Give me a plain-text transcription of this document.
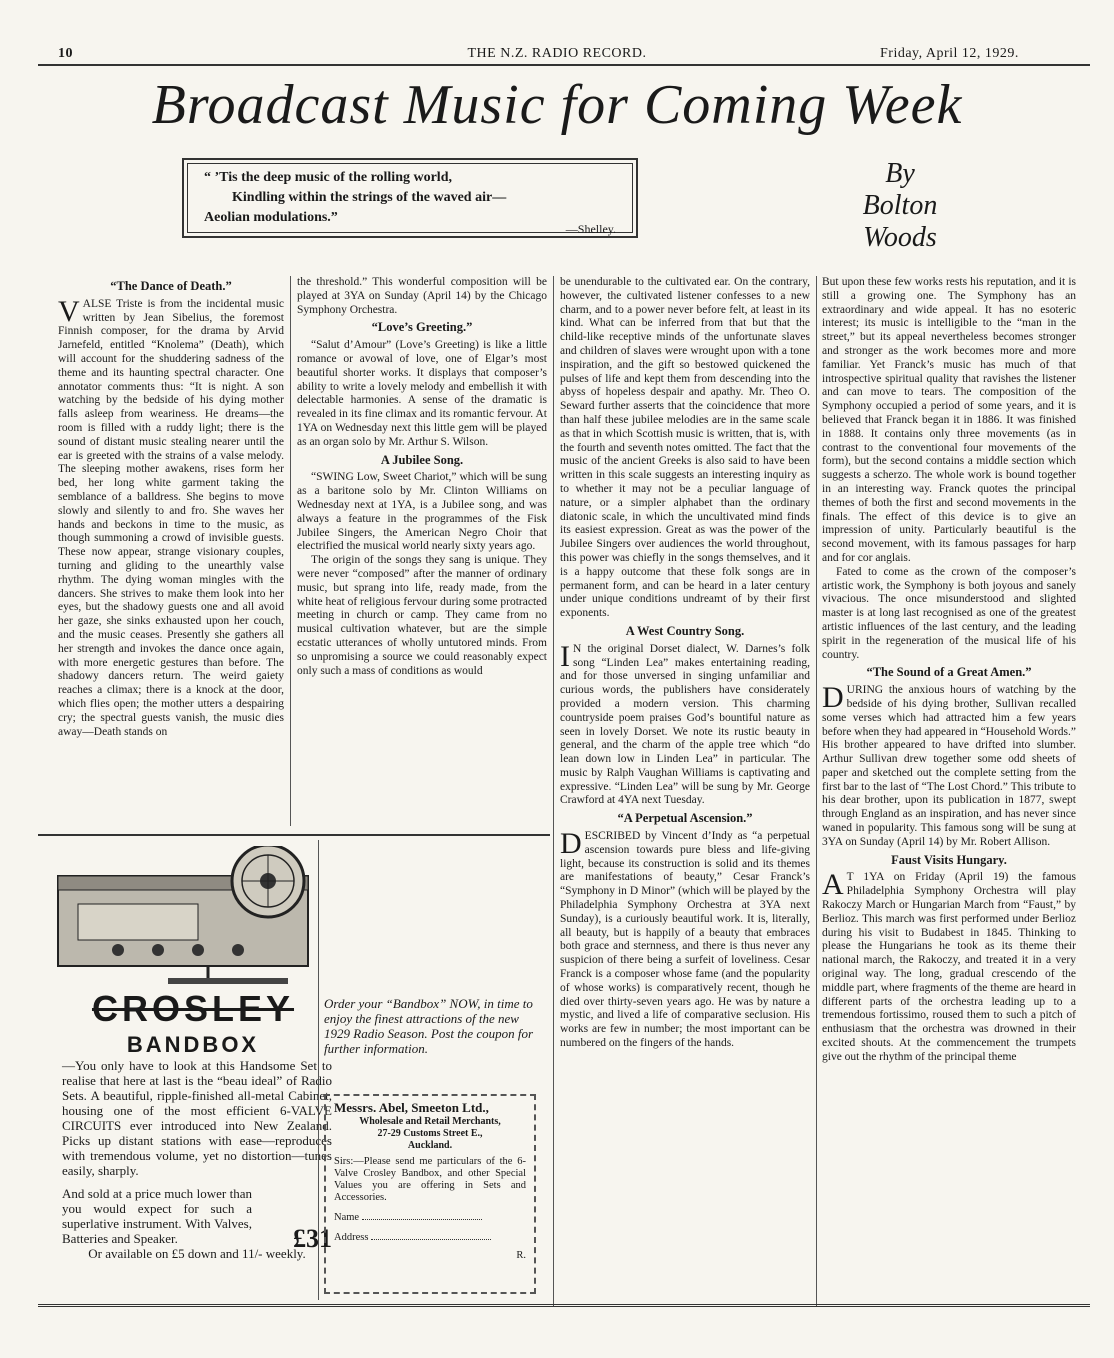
10	THE N.Z. RADIO RECORD.	Friday, April 12, 1929.
Broadcast Music for Coming Week
“ ’Tis the deep music of the rolling world,
Kindling within the strings of the waved air—
Aeolian modulations.”
—Shelley.
By
Bolton
Woods
“The Dance of Death.”

VALSE Triste is from the incidental music written by Jean Sibelius, the foremost Finnish composer, for the drama by Arvid Jarnefeld, entitled “Knolema” (Death), which will account for the shuddering sadness of the theme and its haunting spectral character. One annotator comments thus: “It is night. A son watching by the bedside of his dying mother falls asleep from weariness. He dreams—the room is filled with a ruddy light; there is the sound of distant music stealing nearer until the ear is greeted with the strains of a valse melody. The sleeping mother awakens, rises form her bed, her long white garment taking the semblance of a balldress. She begins to move slowly and silently to and fro. She waves her hands and beckons in time to the music, as though summoning a crowd of invisible guests. These now appear, strange visionary couples, turning and gliding to the unearthly valse rhythm. The dying woman mingles with the dancers. She strives to make them look into her eyes, but the shadowy guests one and all avoid her gaze, she sinks exhausted upon her couch, and the music ceases. Presently she gathers all her strength and invokes the dance once again, with more energetic gestures than before. The shadowy dancers return. The weird gaiety reaches a climax; there is a knock at the door, which flies open; the mother utters a despairing cry; the spectral guests vanish, the music dies away—Death stands on

the threshold.” This wonderful composition will be played at 3YA on Sunday (April 14) by the Chicago Symphony Orchestra.

“Love’s Greeting.”

“Salut d’Amour” (Love’s Greeting) is like a little romance or avowal of love, one of Elgar’s most beautiful shorter works. It displays that composer’s ability to write a lovely melody and embellish it with delectable harmonies. A sense of the dramatic is revealed in its fine climax and its romantic fervour. At 1YA on Wednesday next this little gem will be played as an organ solo by Mr. Arthur S. Wilson.

A Jubilee Song.

“SWING Low, Sweet Chariot,” which will be sung as a baritone solo by Mr. Clinton Williams on Wednesday next at 1YA, is a Jubilee song, and was always a feature in the programmes of the Fisk Jubilee Singers, the American Negro Choir that electrified the musical world nearly sixty years ago.

The origin of the songs they sang is unique. They were never “composed” after the manner of ordinary music, but sprang into life, ready made, from the white heat of religious fervour during some protracted meeting in church or camp. They came from no musical cultivation whatever, but are the simple ecstatic utterances of wholly untutored minds. From so unpromising a source we could reasonably expect only such a mass of conditions as would

be unendurable to the cultivated ear. On the contrary, however, the cultivated listener confesses to a new charm, and to a power never before felt, at least in its kind. What can be inferred from that but that the child-like receptive minds of the unfortunate slaves and children of slaves were wrought upon with a tone inspiration, and the gift so bestowed quickened the pulses of life and kept them from descending into the abyss of hopeless despair and apathy. Mr. Theo O. Seward further asserts that the coincidence that more than half these jubilee melodies are in the same scale as that in which Scottish music is written, that is, with the fourth and seventh notes omitted. The fact that the music of the ancient Greeks is also said to have been written in this scale suggests an interesting inquiry as to whether it may not be a peculiar language of nature, or a simpler alphabet than the ordinary diatonic scale, in which the uncultivated mind finds its easiest expression. Great as was the power of the Jubilee Singers over audiences the world throughout, this power was chiefly in the songs themselves, and it is a happy outcome that these folk songs are in permanent form, and can be heard in a later century under unique conditions undreamt of by their first exponents.

A West Country Song.

I N the original Dorset dialect, W. Darnes’s folk song “Linden Lea” makes entertaining reading, and for those unversed in singing unfamiliar and curious words, the publishers have considerately provided a modern version. This charming countryside poem praises God’s bountiful nature as seen in lovely Dorset. We note its rustic beauty in general, and the charm of the apple tree which “do lean down low in Linden Lea” in particular. The music by Ralph Vaughan Williams is captivating and expressive. “Linden Lea” will be sung by Mr. George Crawford at 4YA next Tuesday.

“A Perpetual Ascension.”

DESCRIBED by Vincent d’Indy as “a perpetual ascension towards pure bless and life-giving light, because its construction is solid and its themes are manifestations of beauty,” Cesar Franck’s “Symphony in D Minor” (which will be played by the Philadelphia Symphony Orchestra at 3YA next Sunday), is a curiously beautiful work. It is, literally, all beauty, but is happily of a beauty that embraces both grace and sternness, and there is thus never any suspicion of there being a surfeit of loveliness. Cesar Franck is a composer whose fame (and the popularity of whose works) is comparatively recent, though he died over thirty-seven years ago. He was by nature a mystic, and lived a life of comparative seclusion. His works are few in number; the most important can be numbered on the fingers of the hands.

But upon these few works rests his reputation, and it is still a growing one. The Symphony has an extraordinary and wide appeal. It has no esoteric interest; its music is intelligible to the “man in the street,” but its appeal nevertheless becomes stronger and stronger as the work becomes more and more familiar. Yet Franck’s music has much of that introspective spiritual quality that ravishes the listener and can move to tears. The composition of the Symphony occupied a period of some years, and it is believed that Franck began it in 1886. It was finished in 1888. It contains only three movements (as in contrast to the conventional four movements of the form), but the second contains a middle section which suggests a scherzo. The whole work is bound together in an interesting way. Franck quotes the principal themes of both the first and second movements in the finals. The effect of this device is to give an impression of unity. Particularly beautiful is the second movement, with its famous passages for harp and for cor anglais.

Fated to come as the crown of the composer’s artistic work, the Symphony is both joyous and sanely vivacious. The once misunderstood and slighted master is at long last recognised as one of the greatest artistic influences of the last century, and the leading spirit in the regeneration of the musical life of his country.

“The Sound of a Great Amen.”

DURING the anxious hours of watching by the bedside of his dying brother, Sullivan recalled some verses which had attracted him a few years before when they had appeared in “Household Words.” His brother appeared to have drifted into slumber. Arthur Sullivan drew together some odd sheets of paper and sketched out the complete setting from the first bar to the last of “The Lost Chord.” This tribute to his dear brother, upon its publication in 1877, swept through England as an inspiration, and has never since waned in popularity. This famous song will be sung at 3YA on Sunday (April 14) by Mr. Robert Allison.

Faust Visits Hungary.

A T 1YA on Friday (April 19) the famous Philadelphia Symphony Orchestra will play Rakoczy March or Hungarian March from “Faust,” by Berlioz. This march was first performed under Berlioz during his visit to Budabest in 1845. Thinking to please the Hungarians he took as its theme their national march, the Rakoczy, and treated it in a very original way. The long, gradual crescendo of the middle part, where fragments of the theme are heard in different parts of the orchestra leading up to a tremendous fortissimo, roused them to such a pitch of enthusiasm that the orchestra was drowned in their excited shouts. At the commencement the trumpets give out the rhythm of the principal theme

CROSLEY
BANDBOX

—You only have to look at this Handsome Set to realise that here at last is the “beau ideal” of Radio Sets. A beautiful, ripple-finished all-metal Cabinet, housing one of the most efficient 6-VALVE CIRCUITS ever introduced into New Zealand. Picks up distant stations with ease—reproduces with tremendous volume, yet no distortion—tunes easily, sharply.

And sold at a price much lower than you would expect for such a superlative instrument. With Valves, Batteries and Speaker.	£31

Or available on £5 down and 11/- weekly.

Order your “Bandbox” NOW, in time to enjoy the finest attractions of the new 1929 Radio Season. Post the coupon for further information.
Messrs. Abel, Smeeton Ltd.,
Wholesale and Retail Merchants,
27-29 Customs Street E.,
Auckland.
Sirs:—Please send me particulars of the 6-Valve Crosley Bandbox, and other Special Values you are offering in Sets and Accessories.
Name
Address
R.
